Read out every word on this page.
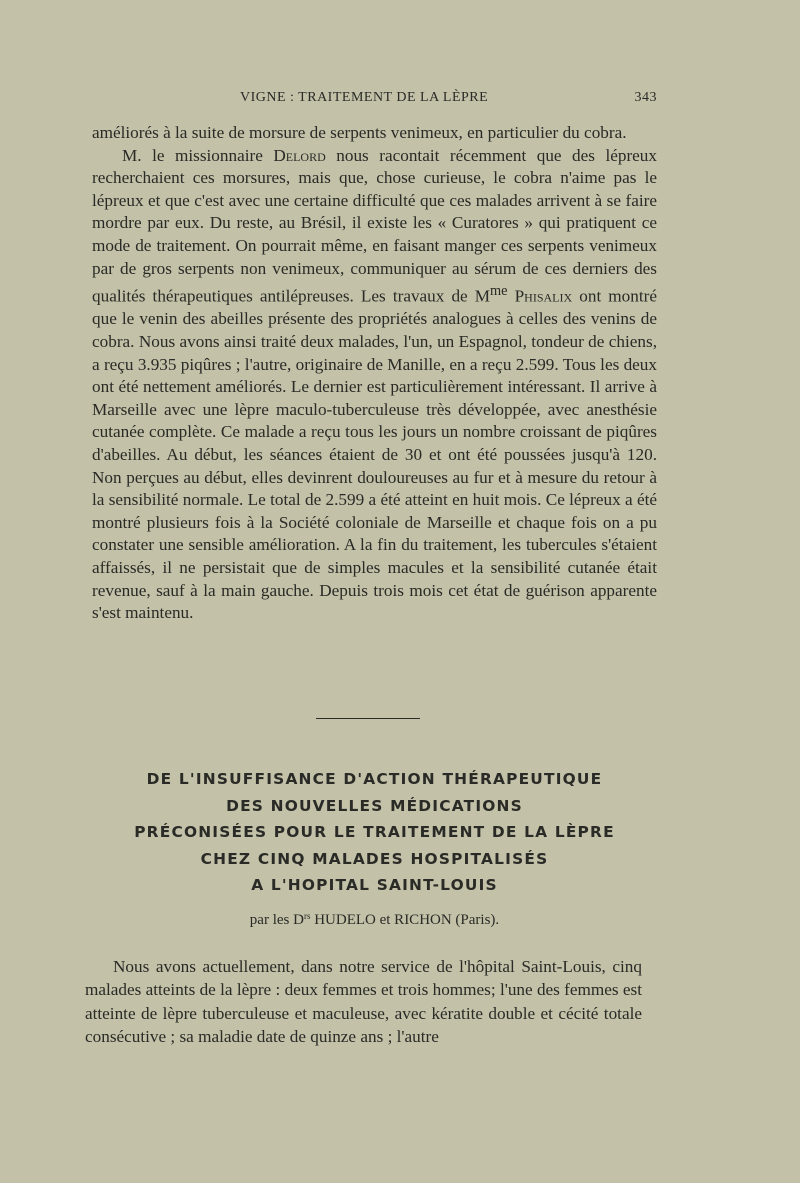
VIGNE : TRAITEMENT DE LA LÈPRE	343

améliorés à la suite de morsure de serpents venimeux, en particulier du cobra.

M. le missionnaire Delord nous racontait récemment que des lépreux recherchaient ces morsures, mais que, chose curieuse, le cobra n'aime pas le lépreux et que c'est avec une certaine difficulté que ces malades arrivent à se faire mordre par eux. Du reste, au Brésil, il existe les « Curatores » qui pratiquent ce mode de traitement. On pourrait même, en faisant manger ces serpents venimeux par de gros serpents non venimeux, communiquer au sérum de ces derniers des qualités thérapeutiques antilépreuses. Les travaux de $M^{me}$ Phisalix ont montré que le venin des abeilles présente des propriétés analogues à celles des venins de cobra. Nous avons ainsi traité deux malades, l'un, un Espagnol, tondeur de chiens, a reçu 3.935 piqûres ; l'autre, originaire de Manille, en a reçu 2.599. Tous les deux ont été nettement améliorés. Le dernier est particulièrement intéressant. Il arrive à Marseille avec une lèpre maculo-tuberculeuse très développée, avec anesthésie cutanée complète. Ce malade a reçu tous les jours un nombre croissant de piqûres d'abeilles. Au début, les séances étaient de 30 et ont été poussées jusqu'à 120. Non perçues au début, elles devinrent douloureuses au fur et à mesure du retour à la sensibilité normale. Le total de 2.599 a été atteint en huit mois. Ce lépreux a été montré plusieurs fois à la Société coloniale de Marseille et chaque fois on a pu constater une sensible amélioration. A la fin du traitement, les tubercules s'étaient affaissés, il ne persistait que de simples macules et la sensibilité cutanée était revenue, sauf à la main gauche. Depuis trois mois cet état de guérison apparente s'est maintenu.

DE L'INSUFFISANCE D'ACTION THÉRAPEUTIQUE
DES NOUVELLES MÉDICATIONS
PRÉCONISÉES POUR LE TRAITEMENT DE LA LÈPRE
CHEZ CINQ MALADES HOSPITALISÉS
A L'HOPITAL SAINT-LOUIS
par les $D^{rs}$ HUDELO et RICHON (Paris).

Nous avons actuellement, dans notre service de l'hôpital Saint-Louis, cinq malades atteints de la lèpre : deux femmes et trois hommes; l'une des femmes est atteinte de lèpre tuberculeuse et maculeuse, avec kératite double et cécité totale consécutive ; sa maladie date de quinze ans ; l'autre
